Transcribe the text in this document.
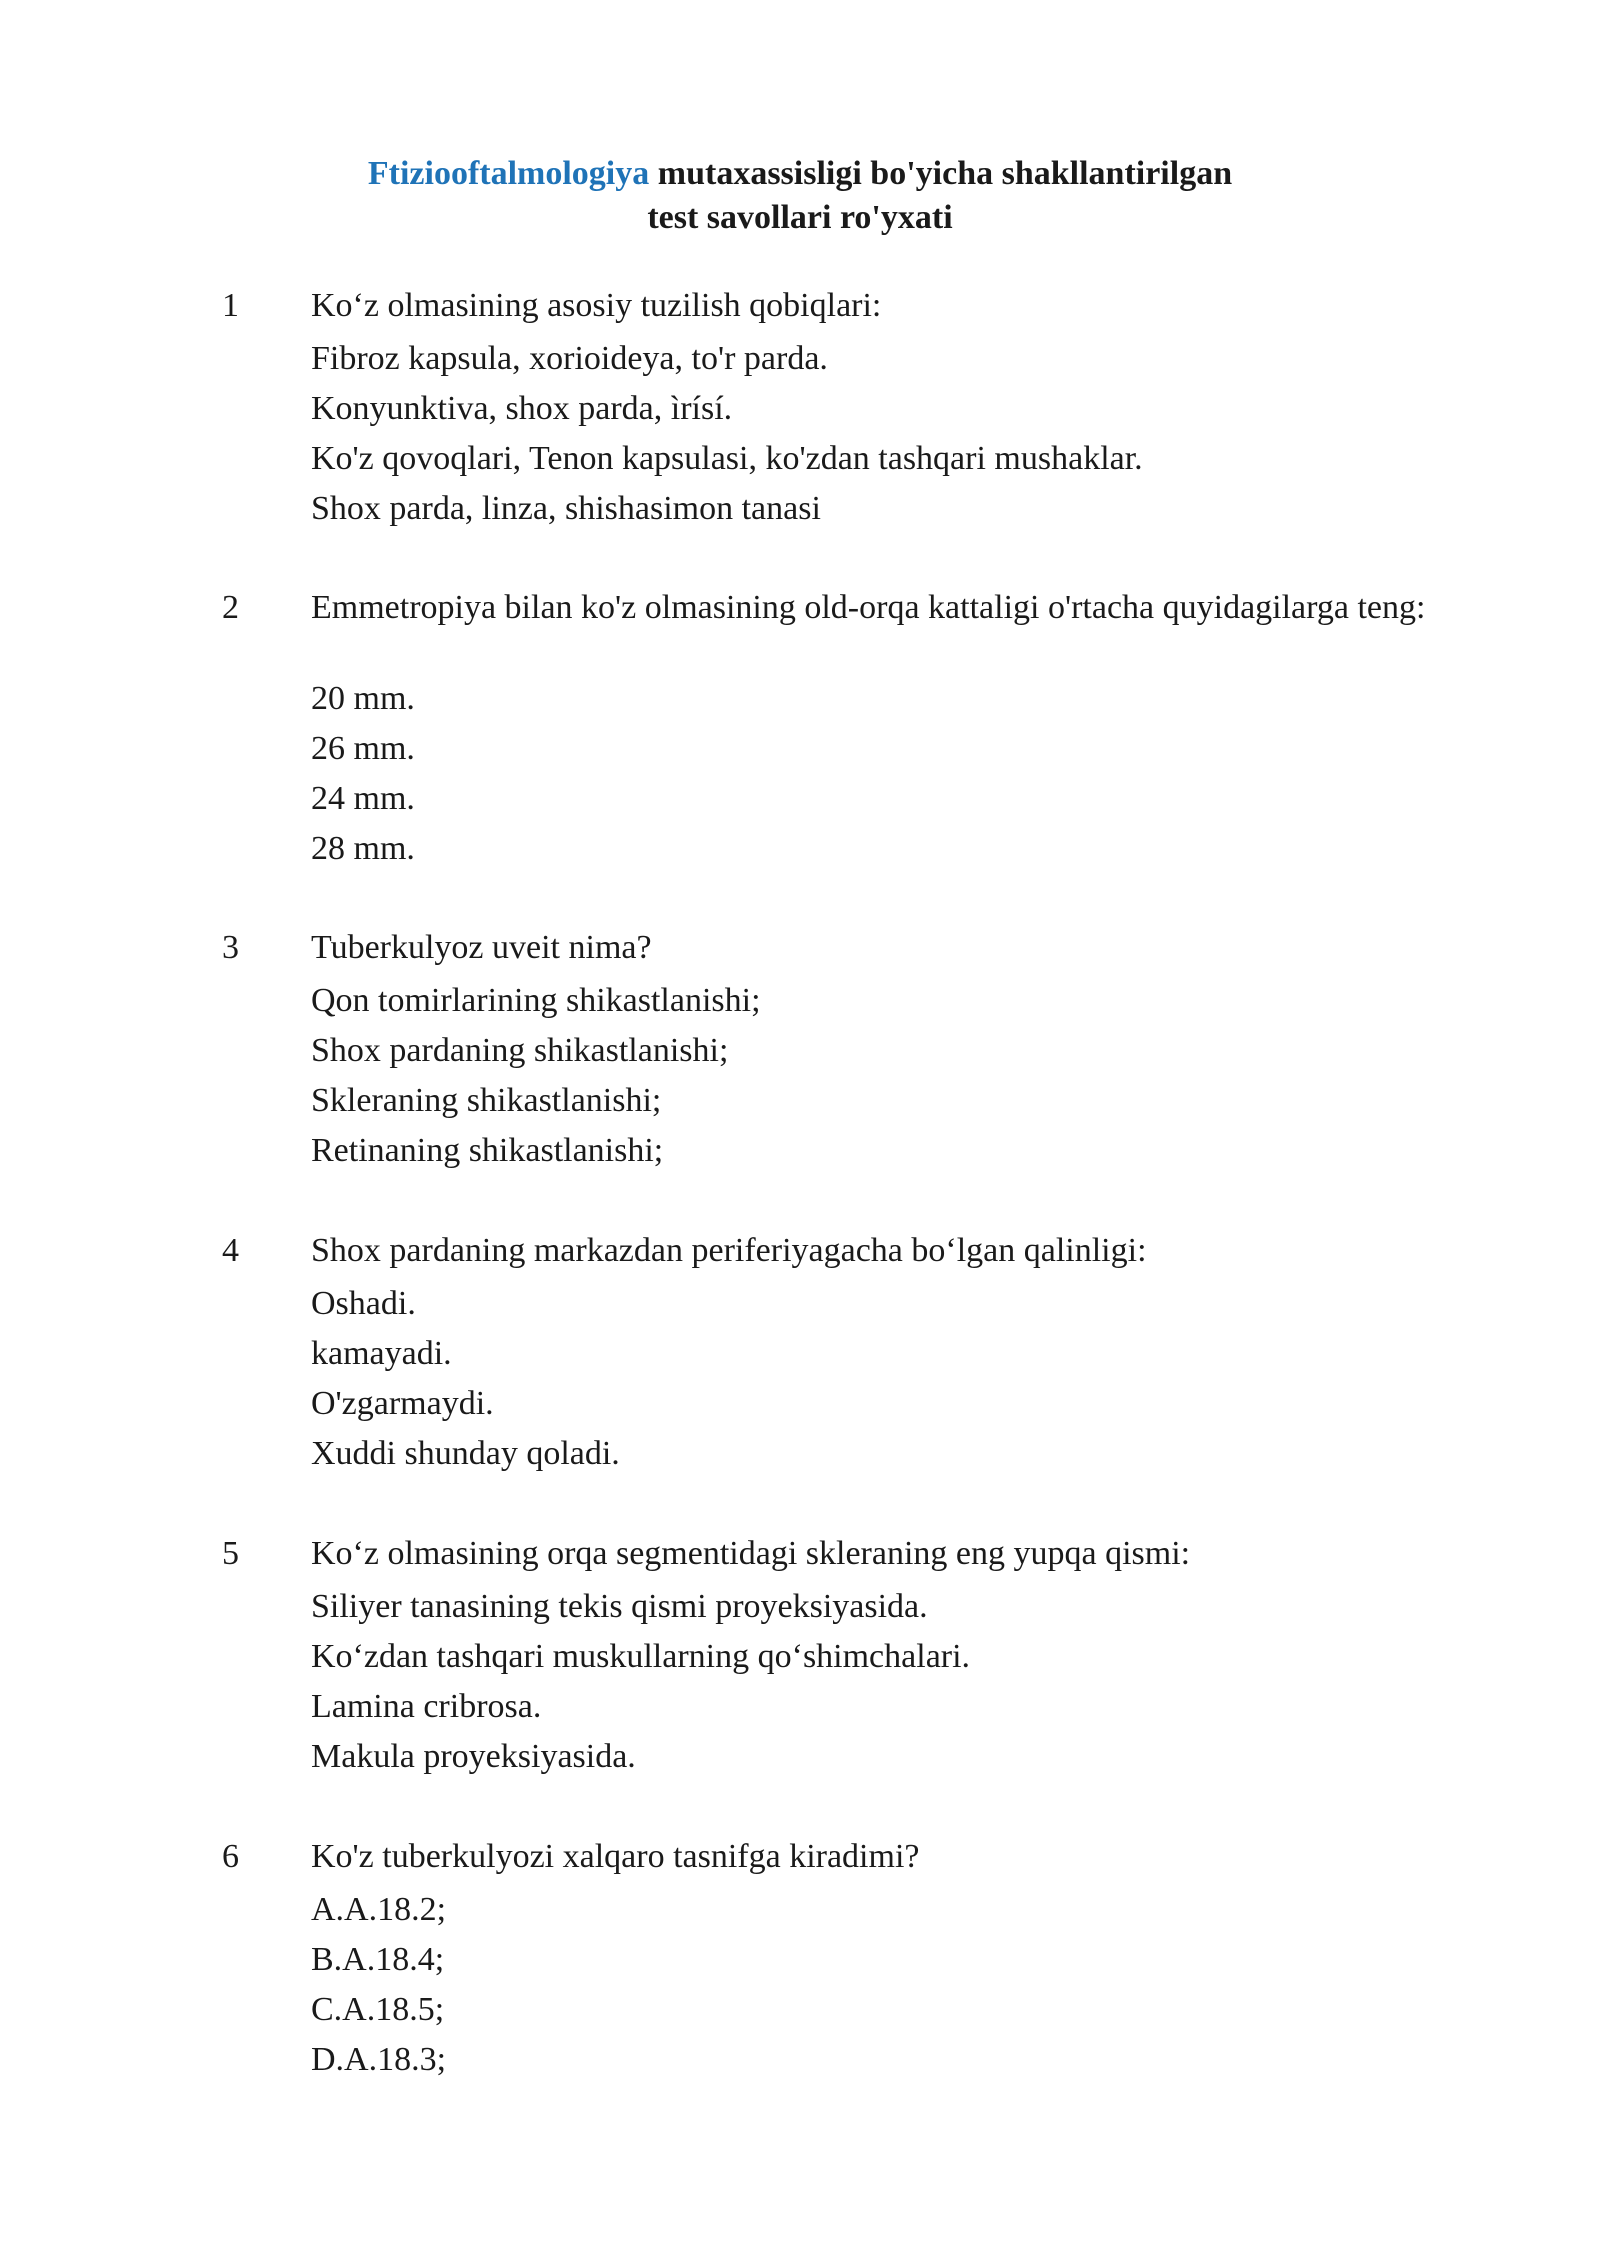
Ftiziooftalmologiya mutaxassisligi bo'yicha shakllantirilgan
test savollari ro'yxati
1 Ko‘z olmasining asosiy tuzilish qobiqlari:

Fibroz kapsula, xorioideya, to'r parda.

Konyunktiva, shox parda, ìrísí.

Ko'z qovoqlari, Tenon kapsulasi, ko'zdan tashqari mushaklar.

Shox parda, linza, shishasimon tanasi

2 Emmetropiya bilan ko'z olmasining old-orqa kattaligi o'rtacha quyidagilarga teng:

20 mm.

26 mm.

24 mm.

28 mm.

3 Tuberkulyoz uveit nima?

Qon tomirlarining shikastlanishi;

Shox pardaning shikastlanishi;

Skleraning shikastlanishi;

Retinaning shikastlanishi;

4 Shox pardaning markazdan periferiyagacha bo‘lgan qalinligi:

Oshadi.

kamayadi.

O'zgarmaydi.

Xuddi shunday qoladi.

5 Ko‘z olmasining orqa segmentidagi skleraning eng yupqa qismi:

Siliyer tanasining tekis qismi proyeksiyasida.

Ko‘zdan tashqari muskullarning qo‘shimchalari.

Lamina cribrosa.

Makula proyeksiyasida.

6 Ko'z tuberkulyozi xalqaro tasnifga kiradimi?

A.A.18.2;

B.A.18.4;

C.A.18.5;

D.A.18.3;
